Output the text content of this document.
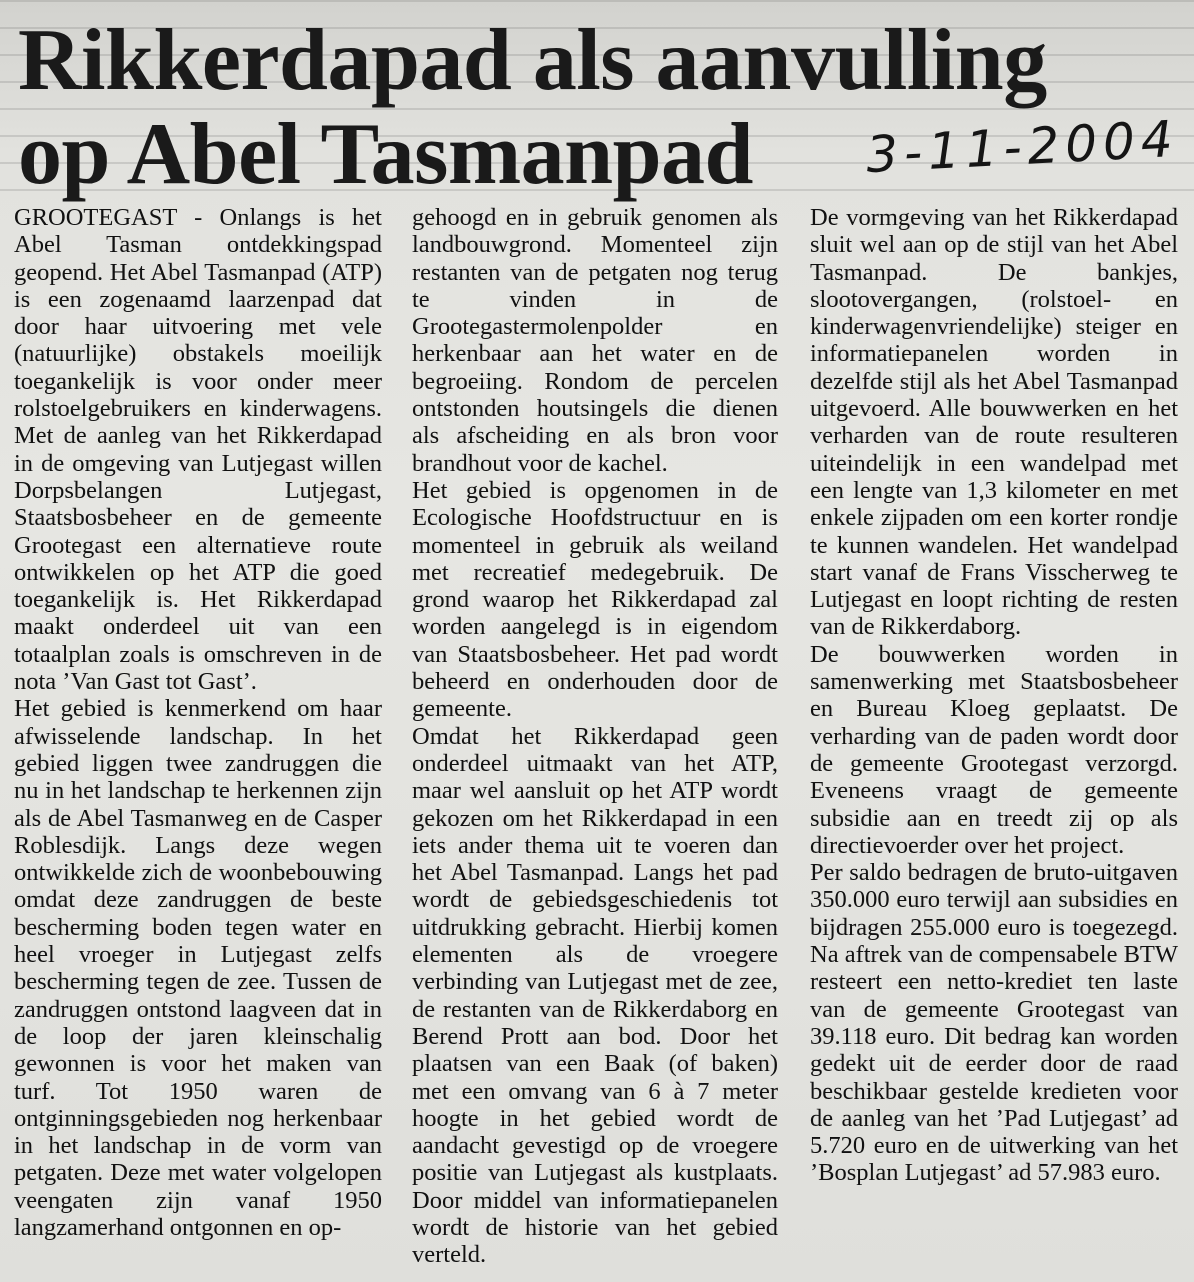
Rikkerdapad als aanvulling
op Abel Tasmanpad	3-11-2004

GROOTEGAST - Onlangs is het Abel Tasman ontdekkingspad geopend. Het Abel Tasmanpad (ATP) is een zogenaamd laarzenpad dat door haar uitvoering met vele (natuurlijke) obstakels moeilijk toegankelijk is voor onder meer rolstoelgebruikers en kinderwagens. Met de aanleg van het Rikkerdapad in de omgeving van Lutjegast willen Dorpsbelangen Lutjegast, Staatsbosbeheer en de gemeente Grootegast een alternatieve route ontwikkelen op het ATP die goed toegankelijk is. Het Rikkerdapad maakt onderdeel uit van een totaalplan zoals is omschreven in de nota ’Van Gast tot Gast’.

Het gebied is kenmerkend om haar afwisselende landschap. In het gebied liggen twee zandruggen die nu in het landschap te herkennen zijn als de Abel Tasmanweg en de Casper Roblesdijk. Langs deze wegen ontwikkelde zich de woonbebouwing omdat deze zandruggen de beste bescherming boden tegen water en heel vroeger in Lutjegast zelfs bescherming tegen de zee. Tussen de zandruggen ontstond laagveen dat in de loop der jaren kleinschalig gewonnen is voor het maken van turf. Tot 1950 waren de ontginningsgebieden nog herkenbaar in het landschap in de vorm van petgaten. Deze met water volgelopen veengaten zijn vanaf 1950 langzamerhand ontgonnen en op-

gehoogd en in gebruik genomen als landbouwgrond. Momenteel zijn restanten van de petgaten nog terug te vinden in de Grootegastermolenpolder en herkenbaar aan het water en de begroeiing. Rondom de percelen ontstonden houtsingels die dienen als afscheiding en als bron voor brandhout voor de kachel.

Het gebied is opgenomen in de Ecologische Hoofdstructuur en is momenteel in gebruik als weiland met recreatief medegebruik. De grond waarop het Rikkerdapad zal worden aangelegd is in eigendom van Staatsbosbeheer. Het pad wordt beheerd en onderhouden door de gemeente.

Omdat het Rikkerdapad geen onderdeel uitmaakt van het ATP, maar wel aansluit op het ATP wordt gekozen om het Rikkerdapad in een iets ander thema uit te voeren dan het Abel Tasmanpad. Langs het pad wordt de gebiedsgeschiedenis tot uitdrukking gebracht. Hierbij komen elementen als de vroegere verbinding van Lutjegast met de zee, de restanten van de Rikkerdaborg en Berend Prott aan bod. Door het plaatsen van een Baak (of baken) met een omvang van 6 à 7 meter hoogte in het gebied wordt de aandacht gevestigd op de vroegere positie van Lutjegast als kustplaats. Door middel van informatiepanelen wordt de historie van het gebied verteld.

De vormgeving van het Rikkerdapad sluit wel aan op de stijl van het Abel Tasmanpad. De bankjes, slootovergangen, (rolstoel- en kinderwagenvriendelijke) steiger en informatiepanelen worden in dezelfde stijl als het Abel Tasmanpad uitgevoerd. Alle bouwwerken en het verharden van de route resulteren uiteindelijk in een wandelpad met een lengte van 1,3 kilometer en met enkele zijpaden om een korter rondje te kunnen wandelen. Het wandelpad start vanaf de Frans Visscherweg te Lutjegast en loopt richting de resten van de Rikkerdaborg.

De bouwwerken worden in samenwerking met Staatsbosbeheer en Bureau Kloeg geplaatst. De verharding van de paden wordt door de gemeente Grootegast verzorgd. Eveneens vraagt de gemeente subsidie aan en treedt zij op als directievoerder over het project.

Per saldo bedragen de bruto-uitgaven 350.000 euro terwijl aan subsidies en bijdragen 255.000 euro is toegezegd. Na aftrek van de compensabele BTW resteert een netto-krediet ten laste van de gemeente Grootegast van 39.118 euro. Dit bedrag kan worden gedekt uit de eerder door de raad beschikbaar gestelde kredieten voor de aanleg van het ’Pad Lutjegast’ ad 5.720 euro en de uitwerking van het ’Bosplan Lutjegast’ ad 57.983 euro.
